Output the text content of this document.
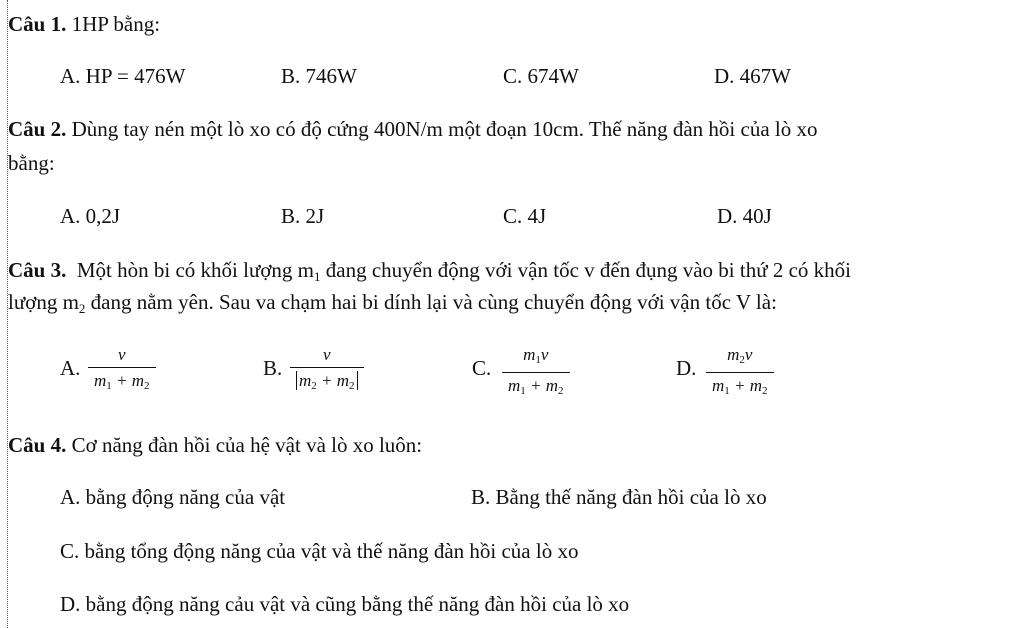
Câu 1. 1HP bằng:
A. HP = 476W	B. 746W	C. 674W	D. 467W
Câu 2. Dùng tay nén một lò xo có độ cứng 400N/m một đoạn 10cm. Thế năng đàn hồi của lò xo
bằng:
A. 0,2J	B. 2J	C. 4J	D. 40J
Câu 3. Một hòn bi có khối lượng $m_1$ đang chuyển động với vận tốc v đến đụng vào bi thứ 2 có khối
lượng $m_2$ đang nằm yên. Sau va chạm hai bi dính lại và cùng chuyển động với vận tốc V là:
A. $\frac{v}{m_1 + m_2}$	B. $\frac{v}{m_2 + m_2}$	C. $\frac{m_1v}{m_1 + m_2}$	D. $\frac{m_2v}{m_1 + m_2}$
Câu 4. Cơ năng đàn hồi của hệ vật và lò xo luôn:
A. bằng động năng của vật	B. Bằng thế năng đàn hồi của lò xo
C. bằng tổng động năng của vật và thế năng đàn hồi của lò xo
D. bằng động năng cảu vật và cũng bằng thế năng đàn hồi của lò xo
